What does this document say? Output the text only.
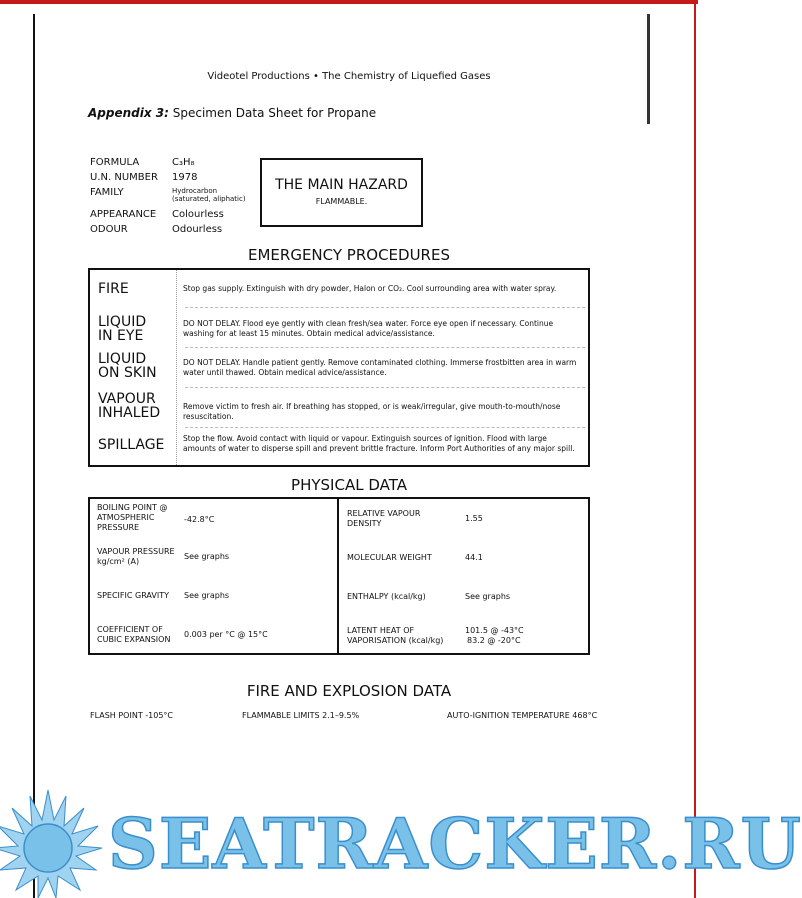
Videotel Productions • The Chemistry of Liquefied Gases
Appendix 3: Specimen Data Sheet for Propane
FORMULA	C₃H₈
U.N. NUMBER 1978
FAMILY	Hydrocarbon (saturated, aliphatic)
APPEARANCE Colourless
ODOUR	Odourless
THE MAIN HAZARD
FLAMMABLE.
EMERGENCY PROCEDURES
FIRE	Stop gas supply. Extinguish with dry powder, Halon or CO₂. Cool surrounding area with water spray.
LIQUID IN EYE
DO NOT DELAY. Flood eye gently with clean fresh/sea water. Force eye open if necessary. Continue washing for at least 15 minutes. Obtain medical advice/assistance.
LIQUID ON SKIN
DO NOT DELAY. Handle patient gently. Remove contaminated clothing. Immerse frostbitten area in warm water until thawed. Obtain medical advice/assistance.
VAPOUR INHALED	Remove victim to fresh air. If breathing has stopped, or is weak/irregular, give mouth-to-mouth/nose resuscitation.
SPILLAGE Stop the flow. Avoid contact with liquid or vapour. Extinguish sources of ignition. Flood with large amounts of water to disperse spill and prevent brittle fracture. Inform Port Authorities of any major spill.
PHYSICAL DATA
BOILING POINT @ ATMOSPHERIC PRESSURE
-42.8°C
VAPOUR PRESSURE kg/cm² (A)
See graphs
SPECIFIC GRAVITY	See graphs
COEFFICIENT OF CUBIC EXPANSION
0.003 per °C @ 15°C
RELATIVE VAPOUR DENSITY
1.55
MOLECULAR WEIGHT	44.1
ENTHALPY (kcal/kg)	See graphs
LATENT HEAT OF VAPORISATION (kcal/kg)
101.5 @ -43°C
83.2 @ -20°C
FIRE AND EXPLOSION DATA
FLASH POINT -105°C	FLAMMABLE LIMITS 2.1–9.5%	AUTO-IGNITION TEMPERATURE 468°C
SEATRACKER.RU
